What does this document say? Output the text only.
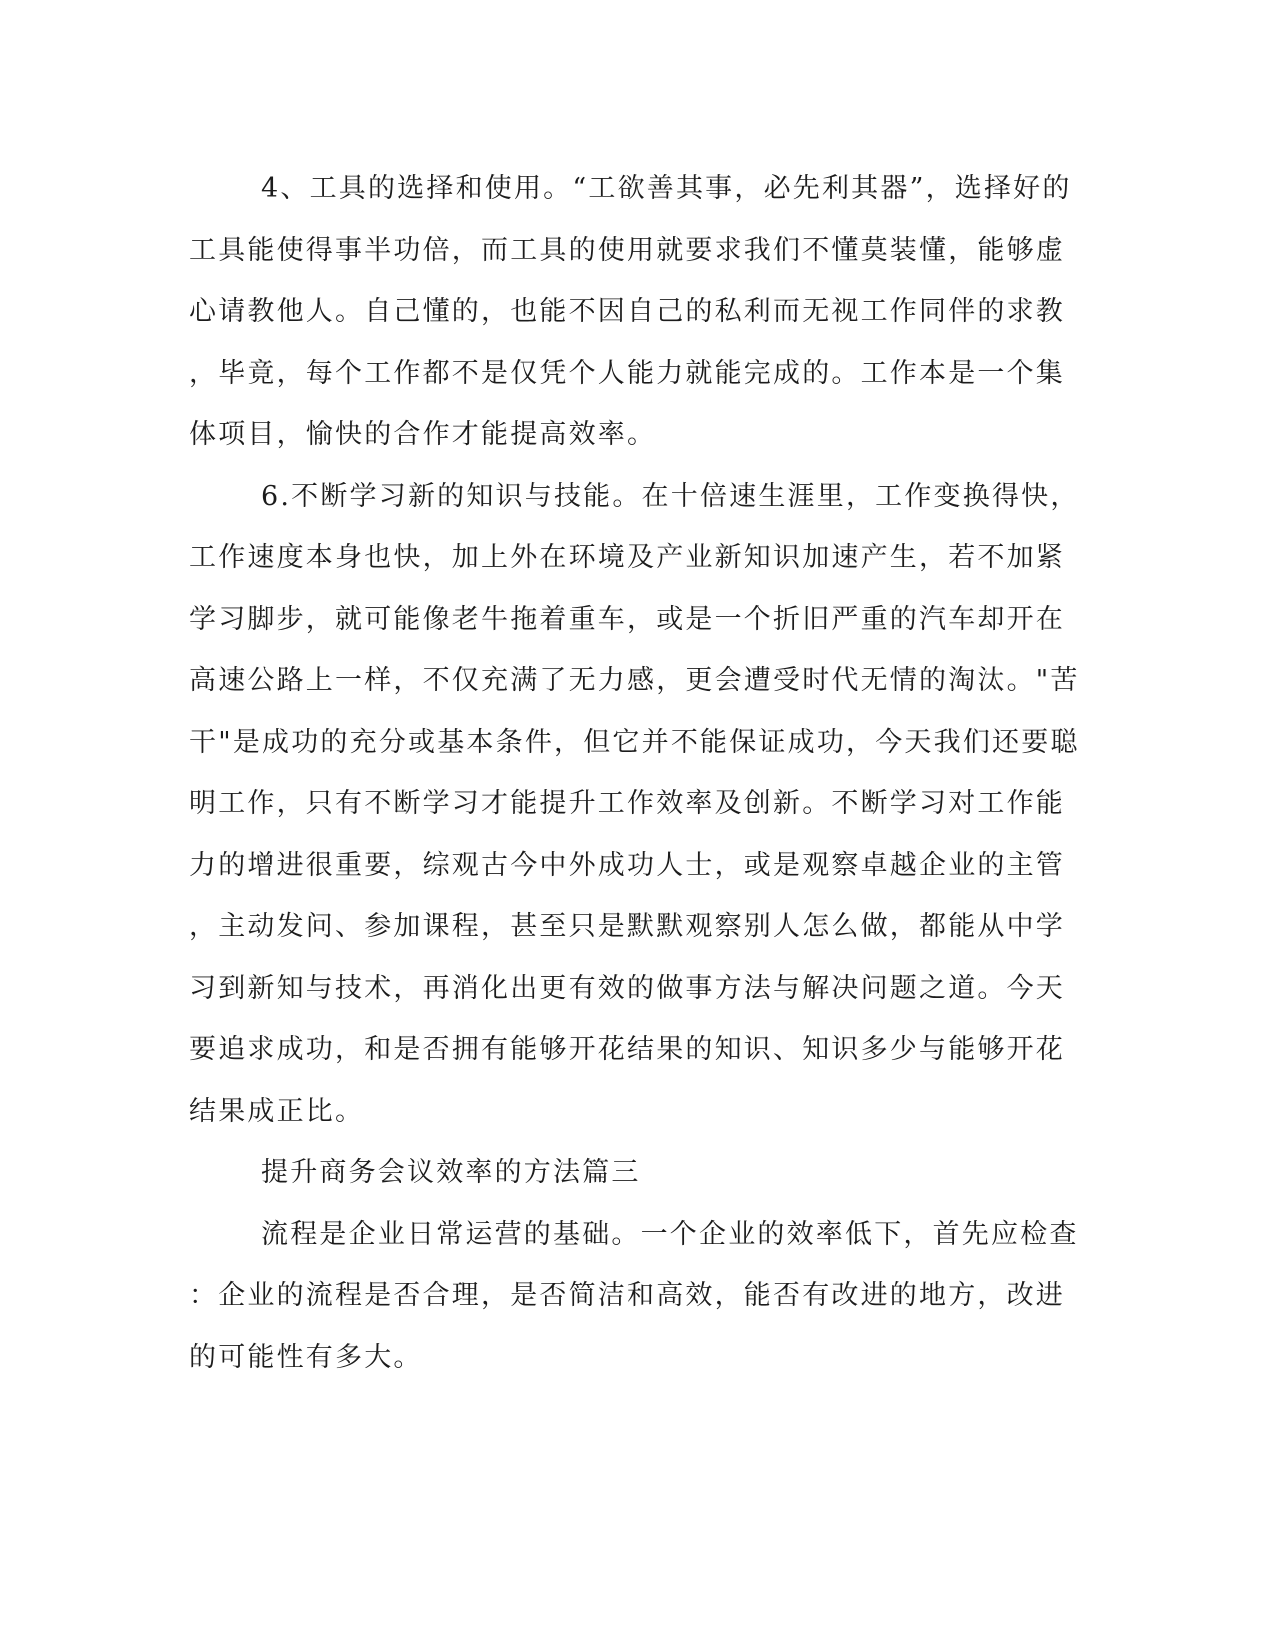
4、工具的选择和使用。“工欲善其事，必先利其器”，选择好的
工具能使得事半功倍，而工具的使用就要求我们不懂莫装懂，能够虚
心请教他人。自己懂的，也能不因自己的私利而无视工作同伴的求教
，毕竟，每个工作都不是仅凭个人能力就能完成的。工作本是一个集
体项目，愉快的合作才能提高效率。
6.不断学习新的知识与技能。在十倍速生涯里，工作变换得快，
工作速度本身也快，加上外在环境及产业新知识加速产生，若不加紧
学习脚步，就可能像老牛拖着重车，或是一个折旧严重的汽车却开在
高速公路上一样，不仅充满了无力感，更会遭受时代无情的淘汰。"苦
干"是成功的充分或基本条件，但它并不能保证成功，今天我们还要聪
明工作，只有不断学习才能提升工作效率及创新。不断学习对工作能
力的增进很重要，综观古今中外成功人士，或是观察卓越企业的主管
，主动发问、参加课程，甚至只是默默观察别人怎么做，都能从中学
习到新知与技术，再消化出更有效的做事方法与解决问题之道。今天
要追求成功，和是否拥有能够开花结果的知识、知识多少与能够开花
结果成正比。
提升商务会议效率的方法篇三
流程是企业日常运营的基础。一个企业的效率低下，首先应检查
：企业的流程是否合理，是否简洁和高效，能否有改进的地方，改进
的可能性有多大。
